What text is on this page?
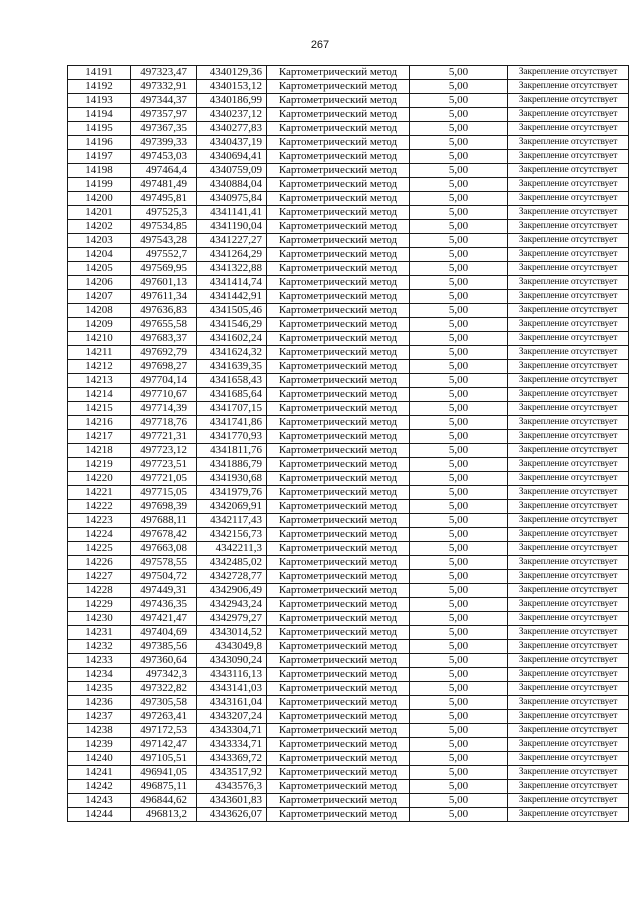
267
14191	497323,47	4340129,36	Картометрический метод	5,00	Закрепление отсутствует
14192	497332,91	4340153,12	Картометрический метод	5,00	Закрепление отсутствует
14193	497344,37	4340186,99	Картометрический метод	5,00	Закрепление отсутствует
14194	497357,97	4340237,12	Картометрический метод	5,00	Закрепление отсутствует
14195	497367,35	4340277,83	Картометрический метод	5,00	Закрепление отсутствует
14196	497399,33	4340437,19	Картометрический метод	5,00	Закрепление отсутствует
14197	497453,03	4340694,41	Картометрический метод	5,00	Закрепление отсутствует
14198	497464,4	4340759,09	Картометрический метод	5,00	Закрепление отсутствует
14199	497481,49	4340884,04	Картометрический метод	5,00	Закрепление отсутствует
14200	497495,81	4340975,84	Картометрический метод	5,00	Закрепление отсутствует
14201	497525,3	4341141,41	Картометрический метод	5,00	Закрепление отсутствует
14202	497534,85	4341190,04	Картометрический метод	5,00	Закрепление отсутствует
14203	497543,28	4341227,27	Картометрический метод	5,00	Закрепление отсутствует
14204	497552,7	4341264,29	Картометрический метод	5,00	Закрепление отсутствует
14205	497569,95	4341322,88	Картометрический метод	5,00	Закрепление отсутствует
14206	497601,13	4341414,74	Картометрический метод	5,00	Закрепление отсутствует
14207	497611,34	4341442,91	Картометрический метод	5,00	Закрепление отсутствует
14208	497636,83	4341505,46	Картометрический метод	5,00	Закрепление отсутствует
14209	497655,58	4341546,29	Картометрический метод	5,00	Закрепление отсутствует
14210	497683,37	4341602,24	Картометрический метод	5,00	Закрепление отсутствует
14211	497692,79	4341624,32	Картометрический метод	5,00	Закрепление отсутствует
14212	497698,27	4341639,35	Картометрический метод	5,00	Закрепление отсутствует
14213	497704,14	4341658,43	Картометрический метод	5,00	Закрепление отсутствует
14214	497710,67	4341685,64	Картометрический метод	5,00	Закрепление отсутствует
14215	497714,39	4341707,15	Картометрический метод	5,00	Закрепление отсутствует
14216	497718,76	4341741,86	Картометрический метод	5,00	Закрепление отсутствует
14217	497721,31	4341770,93	Картометрический метод	5,00	Закрепление отсутствует
14218	497723,12	4341811,76	Картометрический метод	5,00	Закрепление отсутствует
14219	497723,51	4341886,79	Картометрический метод	5,00	Закрепление отсутствует
14220	497721,05	4341930,68	Картометрический метод	5,00	Закрепление отсутствует
14221	497715,05	4341979,76	Картометрический метод	5,00	Закрепление отсутствует
14222	497698,39	4342069,91	Картометрический метод	5,00	Закрепление отсутствует
14223	497688,11	4342117,43	Картометрический метод	5,00	Закрепление отсутствует
14224	497678,42	4342156,73	Картометрический метод	5,00	Закрепление отсутствует
14225	497663,08	4342211,3	Картометрический метод	5,00	Закрепление отсутствует
14226	497578,55	4342485,02	Картометрический метод	5,00	Закрепление отсутствует
14227	497504,72	4342728,77	Картометрический метод	5,00	Закрепление отсутствует
14228	497449,31	4342906,49	Картометрический метод	5,00	Закрепление отсутствует
14229	497436,35	4342943,24	Картометрический метод	5,00	Закрепление отсутствует
14230	497421,47	4342979,27	Картометрический метод	5,00	Закрепление отсутствует
14231	497404,69	4343014,52	Картометрический метод	5,00	Закрепление отсутствует
14232	497385,56	4343049,8	Картометрический метод	5,00	Закрепление отсутствует
14233	497360,64	4343090,24	Картометрический метод	5,00	Закрепление отсутствует
14234	497342,3	4343116,13	Картометрический метод	5,00	Закрепление отсутствует
14235	497322,82	4343141,03	Картометрический метод	5,00	Закрепление отсутствует
14236	497305,58	4343161,04	Картометрический метод	5,00	Закрепление отсутствует
14237	497263,41	4343207,24	Картометрический метод	5,00	Закрепление отсутствует
14238	497172,53	4343304,71	Картометрический метод	5,00	Закрепление отсутствует
14239	497142,47	4343334,71	Картометрический метод	5,00	Закрепление отсутствует
14240	497105,51	4343369,72	Картометрический метод	5,00	Закрепление отсутствует
14241	496941,05	4343517,92	Картометрический метод	5,00	Закрепление отсутствует
14242	496875,11	4343576,3	Картометрический метод	5,00	Закрепление отсутствует
14243	496844,62	4343601,83	Картометрический метод	5,00	Закрепление отсутствует
14244	496813,2	4343626,07	Картометрический метод	5,00	Закрепление отсутствует
